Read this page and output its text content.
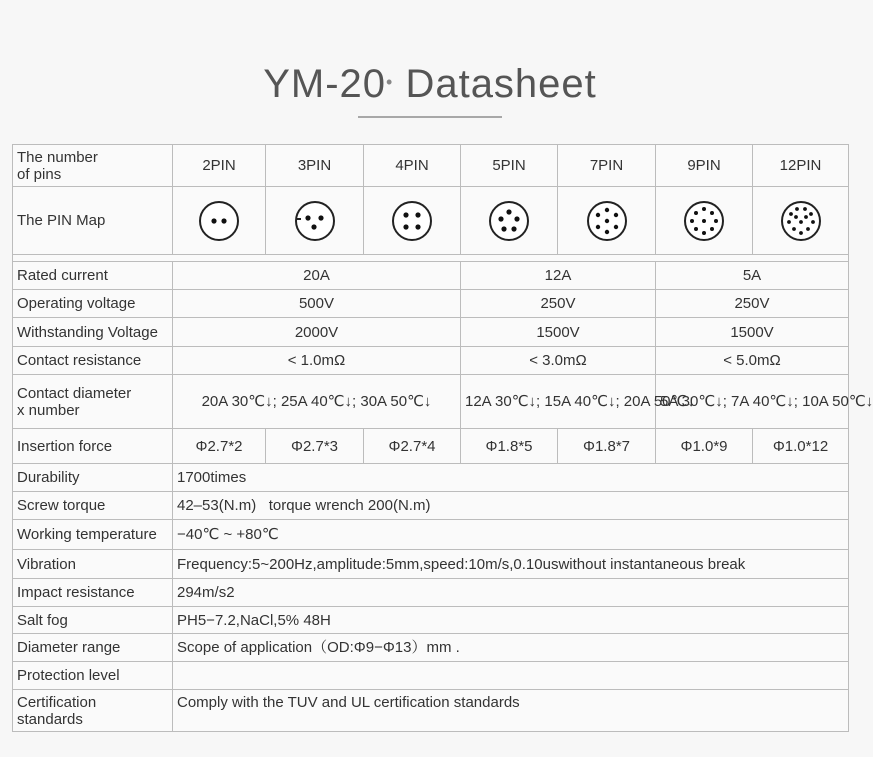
YM-20• Datasheet
The number
of pins	2PIN	3PIN	4PIN	5PIN	7PIN	9PIN	12PIN
The PIN Map	

Rated current	20A			12A		5A	
Operating voltage	500V			250V		250V	
Withstanding Voltage	2000V			1500V		1500V	
Contact resistance	< 1.0mΩ			< 3.0mΩ		< 5.0mΩ	
Contact diameter
x number	20A 30℃↓; 25A 40℃↓; 30A 50℃↓			12A 30℃↓; 15A 40℃↓; 20A 50℃↓		5A 30℃↓; 7A 40℃↓; 10A 50℃↓	
Insertion force	Φ2.7*2	Φ2.7*3	Φ2.7*4	Φ1.8*5	Φ1.8*7	Φ1.0*9	Φ1.0*12
Durability	1700times						
Screw torque	42–53(N.m)   torque wrench 200(N.m)						
Working temperature	−40℃ ~ +80℃						
Vibration	Frequency:5~200Hz,amplitude:5mm,speed:10m/s,0.10uswithout instantaneous break						
Impact resistance	294m/s2						
Salt fog	PH5−7.2,NaCl,5% 48H						
Diameter range	Scope of application（OD:Φ9−Φ13）mm .						
Protection level							
Certification
standards	Comply with the TUV and UL certification standards						
